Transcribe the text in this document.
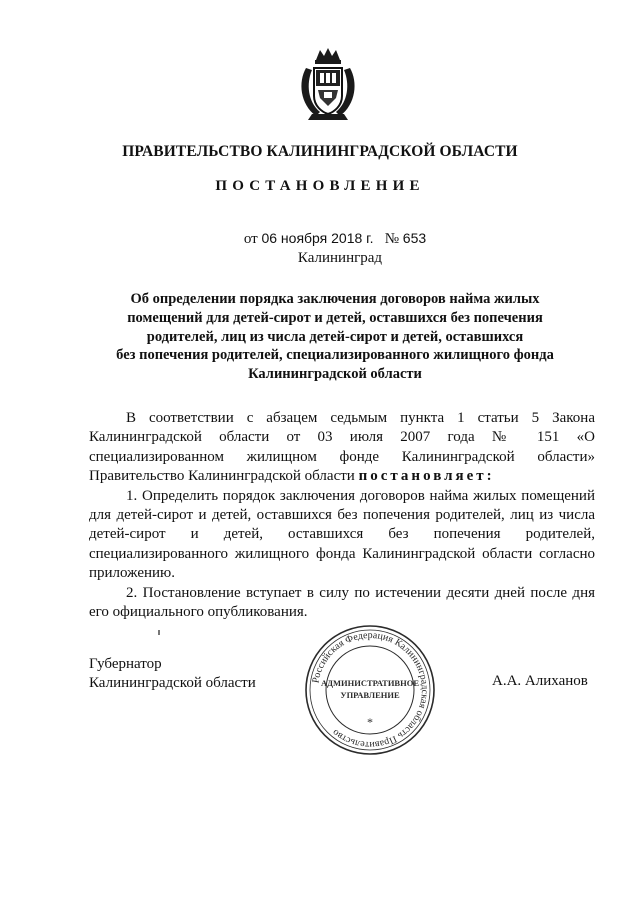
ПРАВИТЕЛЬСТВО КАЛИНИНГРАДСКОЙ ОБЛАСТИ
ПОСТАНОВЛЕНИЕ
от 06 ноября 2018 г. № 653
Калининград
Об определении порядка заключения договоров найма жилых
помещений для детей-сирот и детей, оставшихся без попечения
родителей, лиц из числа детей-сирот и детей, оставшихся
без попечения родителей, специализированного жилищного фонда
Калининградской области

В соответствии с абзацем седьмым пункта 1 статьи 5 Закона Калининградской области от 03 июля 2007 года № 151 «О специализированном жилищном фонде Калининградской области» Правительство Калининградской области постановляет:

1. Определить порядок заключения договоров найма жилых помещений для детей-сирот и детей, оставшихся без попечения родителей, лиц из числа детей-сирот и детей, оставшихся без попечения родителей, специализированного жилищного фонда Калининградской области согласно приложению.

2. Постановление вступает в силу по истечении десяти дней после дня его официального опубликования.

Губернатор
Калининградской области	Российская Федерация Калининградская область Правительство
АДМИНИСТРАТИВНОЕ
УПРАВЛЕНИЕ
*
А.А. Алиханов
